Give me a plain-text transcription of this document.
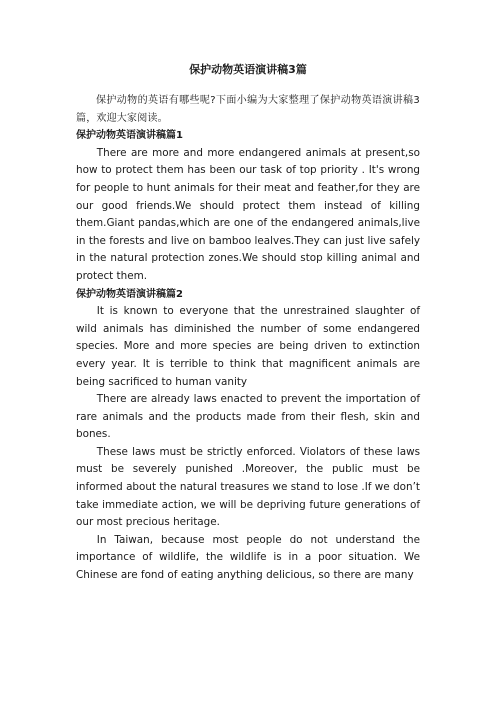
保护动物英语演讲稿3篇

保护动物的英语有哪些呢?下面小编为大家整理了保护动物英语演讲稿3篇，欢迎大家阅读。

保护动物英语演讲稿篇1

There are more and more endangered animals at present,so how to protect them has been our task of top priority . It's wrong for people to hunt animals for their meat and feather,for they are our good friends.We should protect them instead of killing them.Giant pandas,which are one of the endangered animals,live in the forests and live on bamboo lealves.They can just live safely in the natural protection zones.We should stop killing animal and protect them.

保护动物英语演讲稿篇2

It is known to everyone that the unrestrained slaughter of wild animals has diminished the number of some endangered species. More and more species are being driven to extinction every year. It is terrible to think that magnificent animals are being sacrificed to human vanity

There are already laws enacted to prevent the importation of rare animals and the products made from their flesh, skin and bones.

These laws must be strictly enforced. Violators of these laws must be severely punished .Moreover, the public must be informed about the natural treasures we stand to lose .If we don’t take immediate action, we will be depriving future generations of our most precious heritage.

In Taiwan, because most people do not understand the importance of wildlife, the wildlife is in a poor situation. We Chinese are fond of eating anything delicious, so there are many
